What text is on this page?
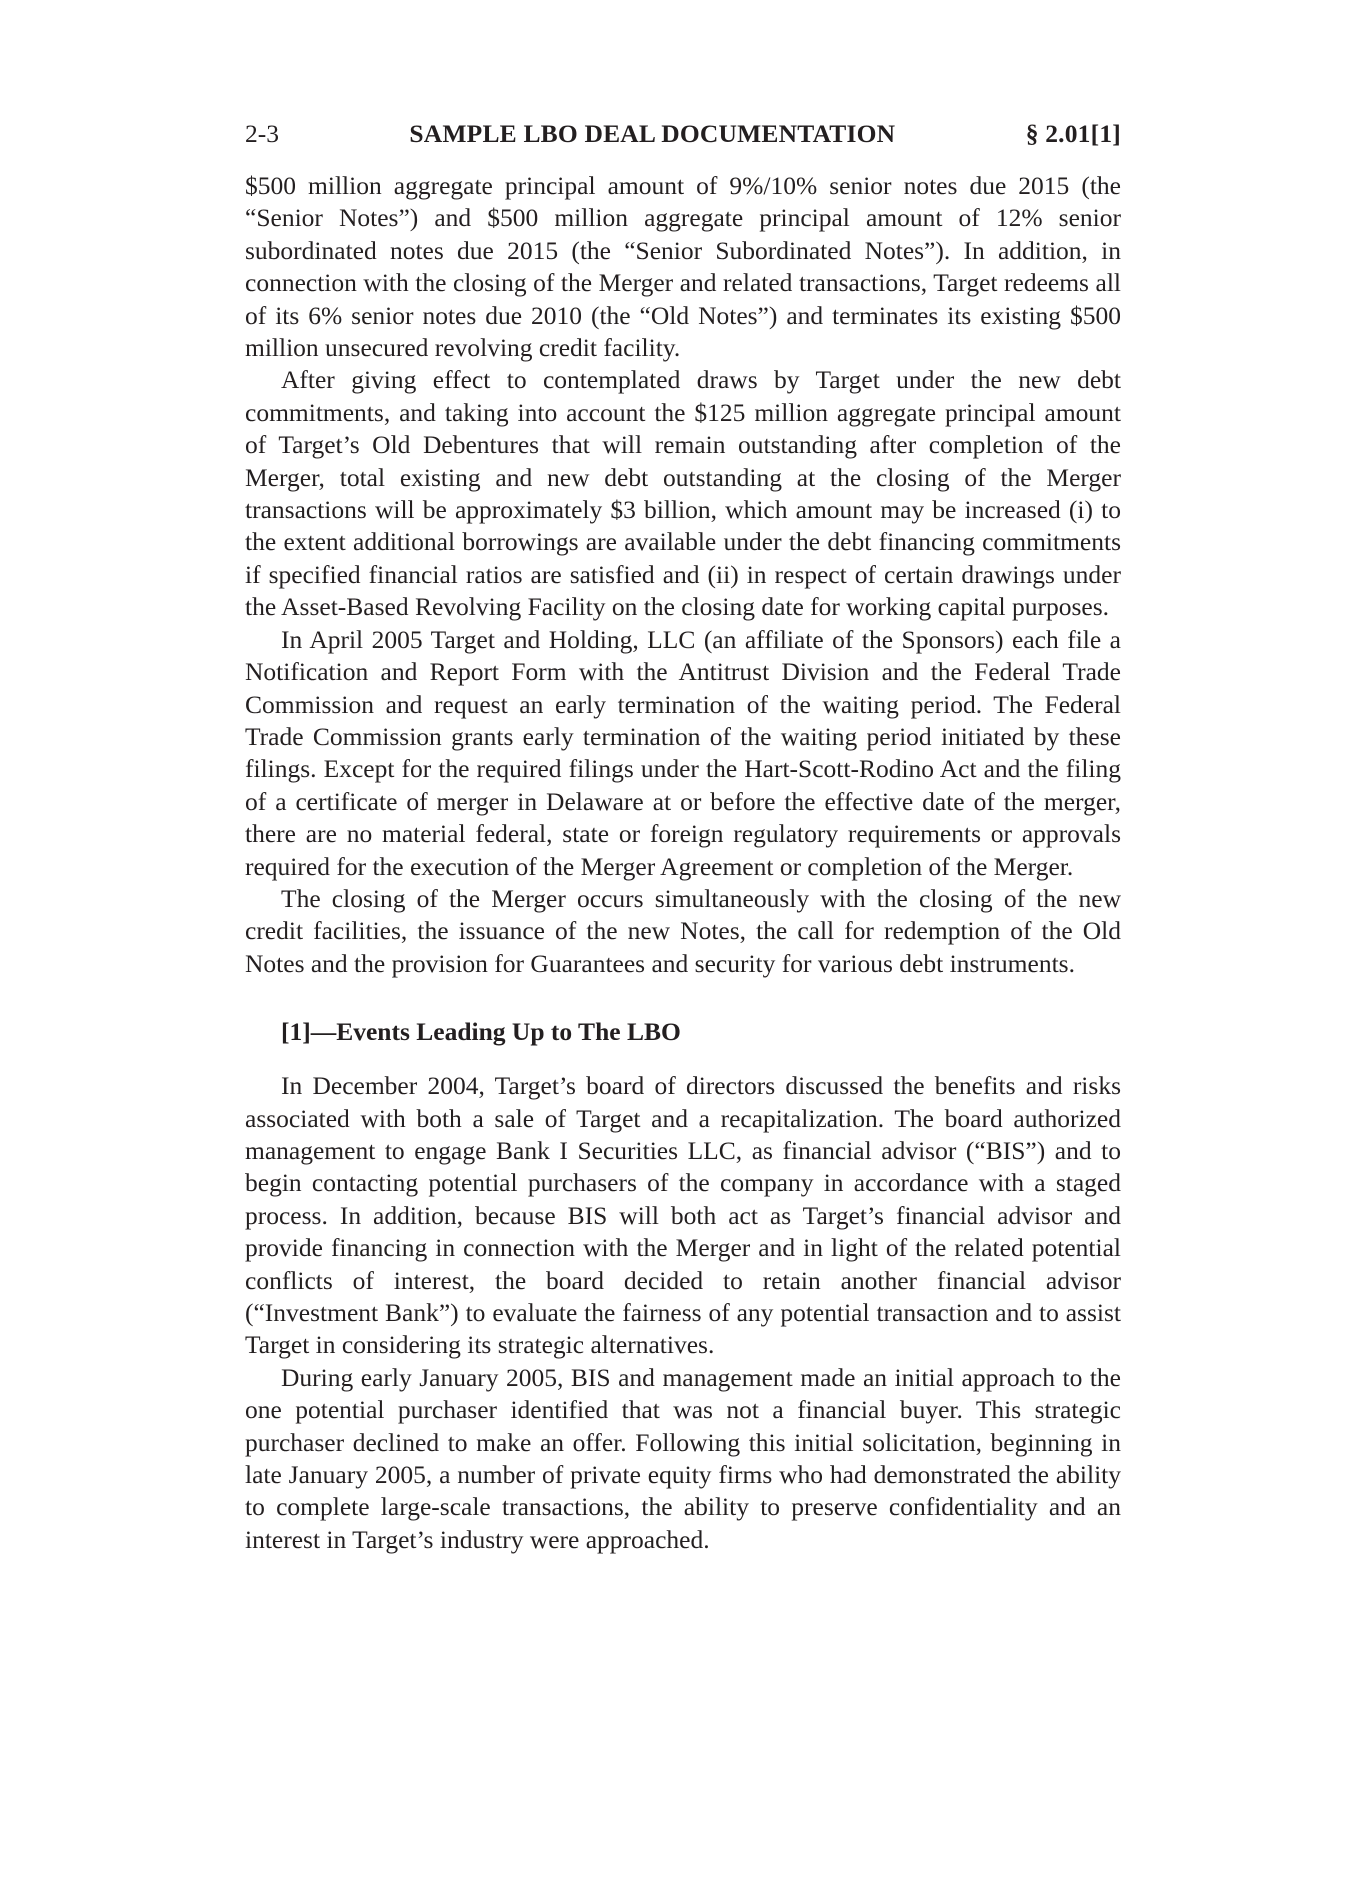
2-3	SAMPLE LBO DEAL DOCUMENTATION	§ 2.01[1]

$500 million aggregate principal amount of 9%/10% senior notes due 2015 (the “Senior Notes”) and $500 million aggregate principal amount of 12% senior subordinated notes due 2015 (the “Senior Subordinated Notes”). In addition, in connection with the closing of the Merger and related transactions, Target redeems all of its 6% senior notes due 2010 (the “Old Notes”) and terminates its existing $500 million unsecured revolving credit facility.

After giving effect to contemplated draws by Target under the new debt commitments, and taking into account the $125 million aggregate principal amount of Target’s Old Debentures that will remain outstanding after completion of the Merger, total existing and new debt outstanding at the closing of the Merger transactions will be approximately $3 billion, which amount may be increased (i) to the extent additional borrowings are available under the debt financing commitments if specified financial ratios are satisfied and (ii) in respect of certain drawings under the Asset-Based Revolving Facility on the closing date for working capital purposes.

In April 2005 Target and Holding, LLC (an affiliate of the Sponsors) each file a Notification and Report Form with the Antitrust Division and the Federal Trade Commission and request an early termination of the waiting period. The Federal Trade Commission grants early termination of the waiting period initiated by these filings. Except for the required filings under the Hart-Scott-Rodino Act and the filing of a certificate of merger in Delaware at or before the effective date of the merger, there are no material federal, state or foreign regulatory requirements or approvals required for the execution of the Merger Agreement or completion of the Merger.

The closing of the Merger occurs simultaneously with the closing of the new credit facilities, the issuance of the new Notes, the call for redemption of the Old Notes and the provision for Guarantees and security for various debt instruments.

[1]—Events Leading Up to The LBO

In December 2004, Target’s board of directors discussed the benefits and risks associated with both a sale of Target and a recapitalization. The board authorized management to engage Bank I Securities LLC, as financial advisor (“BIS”) and to begin contacting potential purchasers of the company in accordance with a staged process. In addition, because BIS will both act as Target’s financial advisor and provide financing in connection with the Merger and in light of the related potential conflicts of interest, the board decided to retain another financial advisor (“Investment Bank”) to evaluate the fairness of any potential transaction and to assist Target in considering its strategic alternatives.

During early January 2005, BIS and management made an initial approach to the one potential purchaser identified that was not a financial buyer. This strategic purchaser declined to make an offer. Following this initial solicitation, beginning in late January 2005, a number of private equity firms who had demonstrated the ability to complete large-scale transactions, the ability to preserve confidentiality and an interest in Target’s industry were approached.
